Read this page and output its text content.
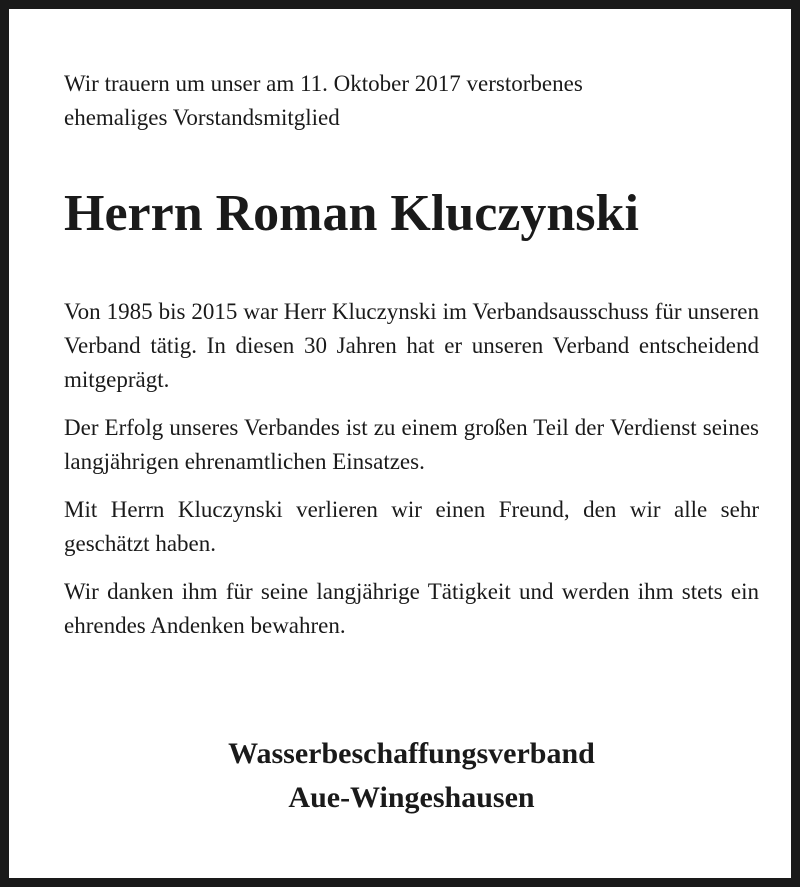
Wir trauern um unser am 11. Oktober 2017 verstorbenes
ehemaliges Vorstandsmitglied

Herrn Roman Kluczynski

Von 1985 bis 2015 war Herr Kluczynski im Verbandsausschuss für unseren Verband tätig. In diesen 30 Jahren hat er unseren Verband entscheidend mitgeprägt.

Der Erfolg unseres Verbandes ist zu einem großen Teil der Verdienst seines langjährigen ehrenamtlichen Einsatzes.

Mit Herrn Kluczynski verlieren wir einen Freund, den wir alle sehr geschätzt haben.

Wir danken ihm für seine langjährige Tätigkeit und werden ihm stets ein ehrendes Andenken bewahren.

Wasserbeschaffungsverband
Aue-Wingeshausen
